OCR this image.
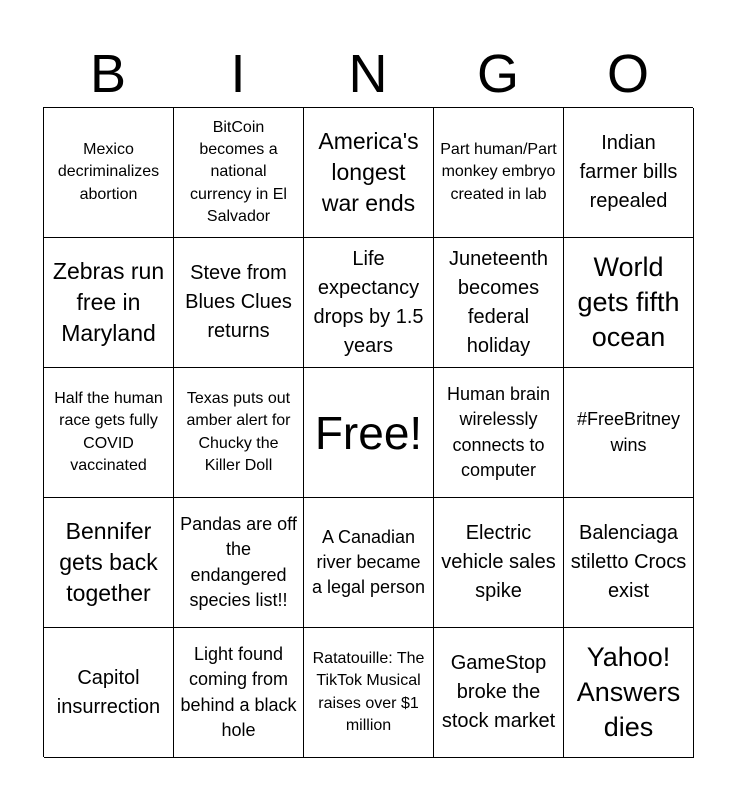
B	I	N	G	O
Mexico decriminalizes abortion
BitCoin becomes a national currency in El Salvador
America's longest war ends
Part human/Part monkey embryo created in lab
Indian farmer bills repealed
Zebras run free in Maryland
Steve from Blues Clues returns
Life expectancy drops by 1.5 years
Juneteenth becomes federal holiday
World gets fifth ocean
Half the human race gets fully COVID vaccinated
Texas puts out amber alert for Chucky the Killer Doll
Free!
Human brain wirelessly connects to computer
#FreeBritney wins
Bennifer gets back together
Pandas are off the endangered species list!!
A Canadian river became a legal person
Electric vehicle sales spike
Balenciaga stiletto Crocs exist
Capitol insurrection
Light found coming from behind a black hole
Ratatouille: The TikTok Musical raises over $1 million
GameStop broke the stock market
Yahoo! Answers dies
